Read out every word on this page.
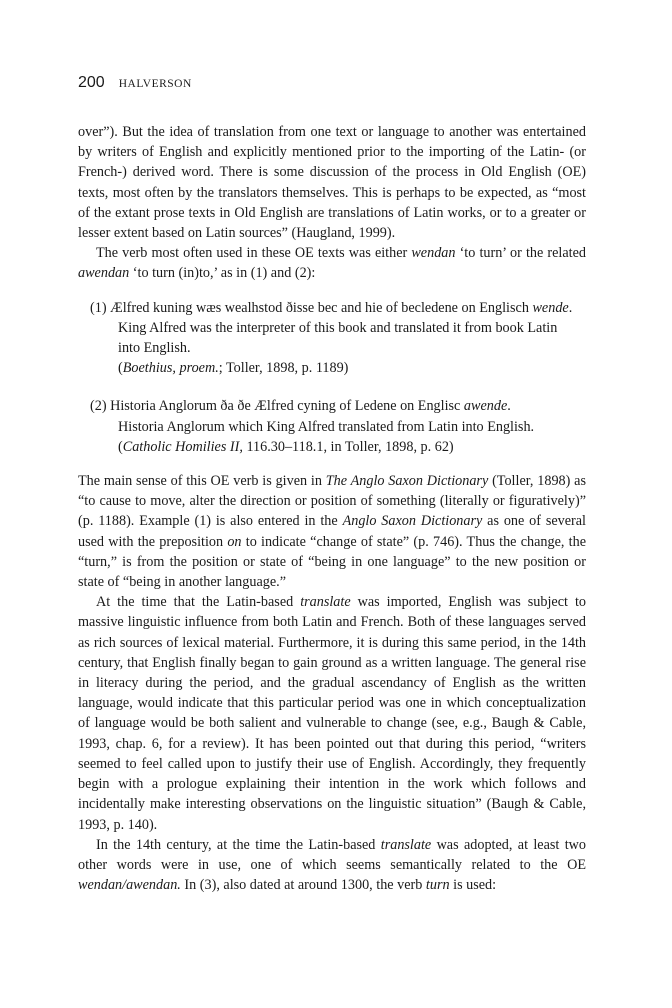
200 HALVERSON

over”). But the idea of translation from one text or language to another was entertained by writers of English and explicitly mentioned prior to the importing of the Latin- (or French-) derived word. There is some discussion of the process in Old English (OE) texts, most often by the translators themselves. This is perhaps to be expected, as “most of the extant prose texts in Old English are translations of Latin works, or to a greater or lesser extent based on Latin sources” (Haugland, 1999).

The verb most often used in these OE texts was either wendan ‘to turn’ or the related awendan ‘to turn (in)to,’ as in (1) and (2):

(1) Ælfred kuning wæs wealhstod ðisse bec and hie of becledene on Englisch wende.
King Alfred was the interpreter of this book and translated it from book Latin into English.
(Boethius, proem.; Toller, 1898, p. 1189)
(2) Historia Anglorum ða ðe Ælfred cyning of Ledene on Englisc awende.
Historia Anglorum which King Alfred translated from Latin into English.
(Catholic Homilies II, 116.30–118.1, in Toller, 1898, p. 62)

The main sense of this OE verb is given in The Anglo Saxon Dictionary (Toller, 1898) as “to cause to move, alter the direction or position of something (literally or figuratively)” (p. 1188). Example (1) is also entered in the Anglo Saxon Dictionary as one of several used with the preposition on to indicate “change of state” (p. 746). Thus the change, the “turn,” is from the position or state of “being in one language” to the new position or state of “being in another language.”

At the time that the Latin-based translate was imported, English was subject to massive linguistic influence from both Latin and French. Both of these languages served as rich sources of lexical material. Furthermore, it is during this same period, in the 14th century, that English finally began to gain ground as a written language. The general rise in literacy during the period, and the gradual ascendancy of English as the written language, would indicate that this particular period was one in which conceptualization of language would be both salient and vulnerable to change (see, e.g., Baugh & Cable, 1993, chap. 6, for a review). It has been pointed out that during this period, “writers seemed to feel called upon to justify their use of English. Accordingly, they frequently begin with a prologue explaining their intention in the work which follows and incidentally make interesting observations on the linguistic situation” (Baugh & Cable, 1993, p. 140).

In the 14th century, at the time the Latin-based translate was adopted, at least two other words were in use, one of which seems semantically related to the OE wendan/awendan. In (3), also dated at around 1300, the verb turn is used:
